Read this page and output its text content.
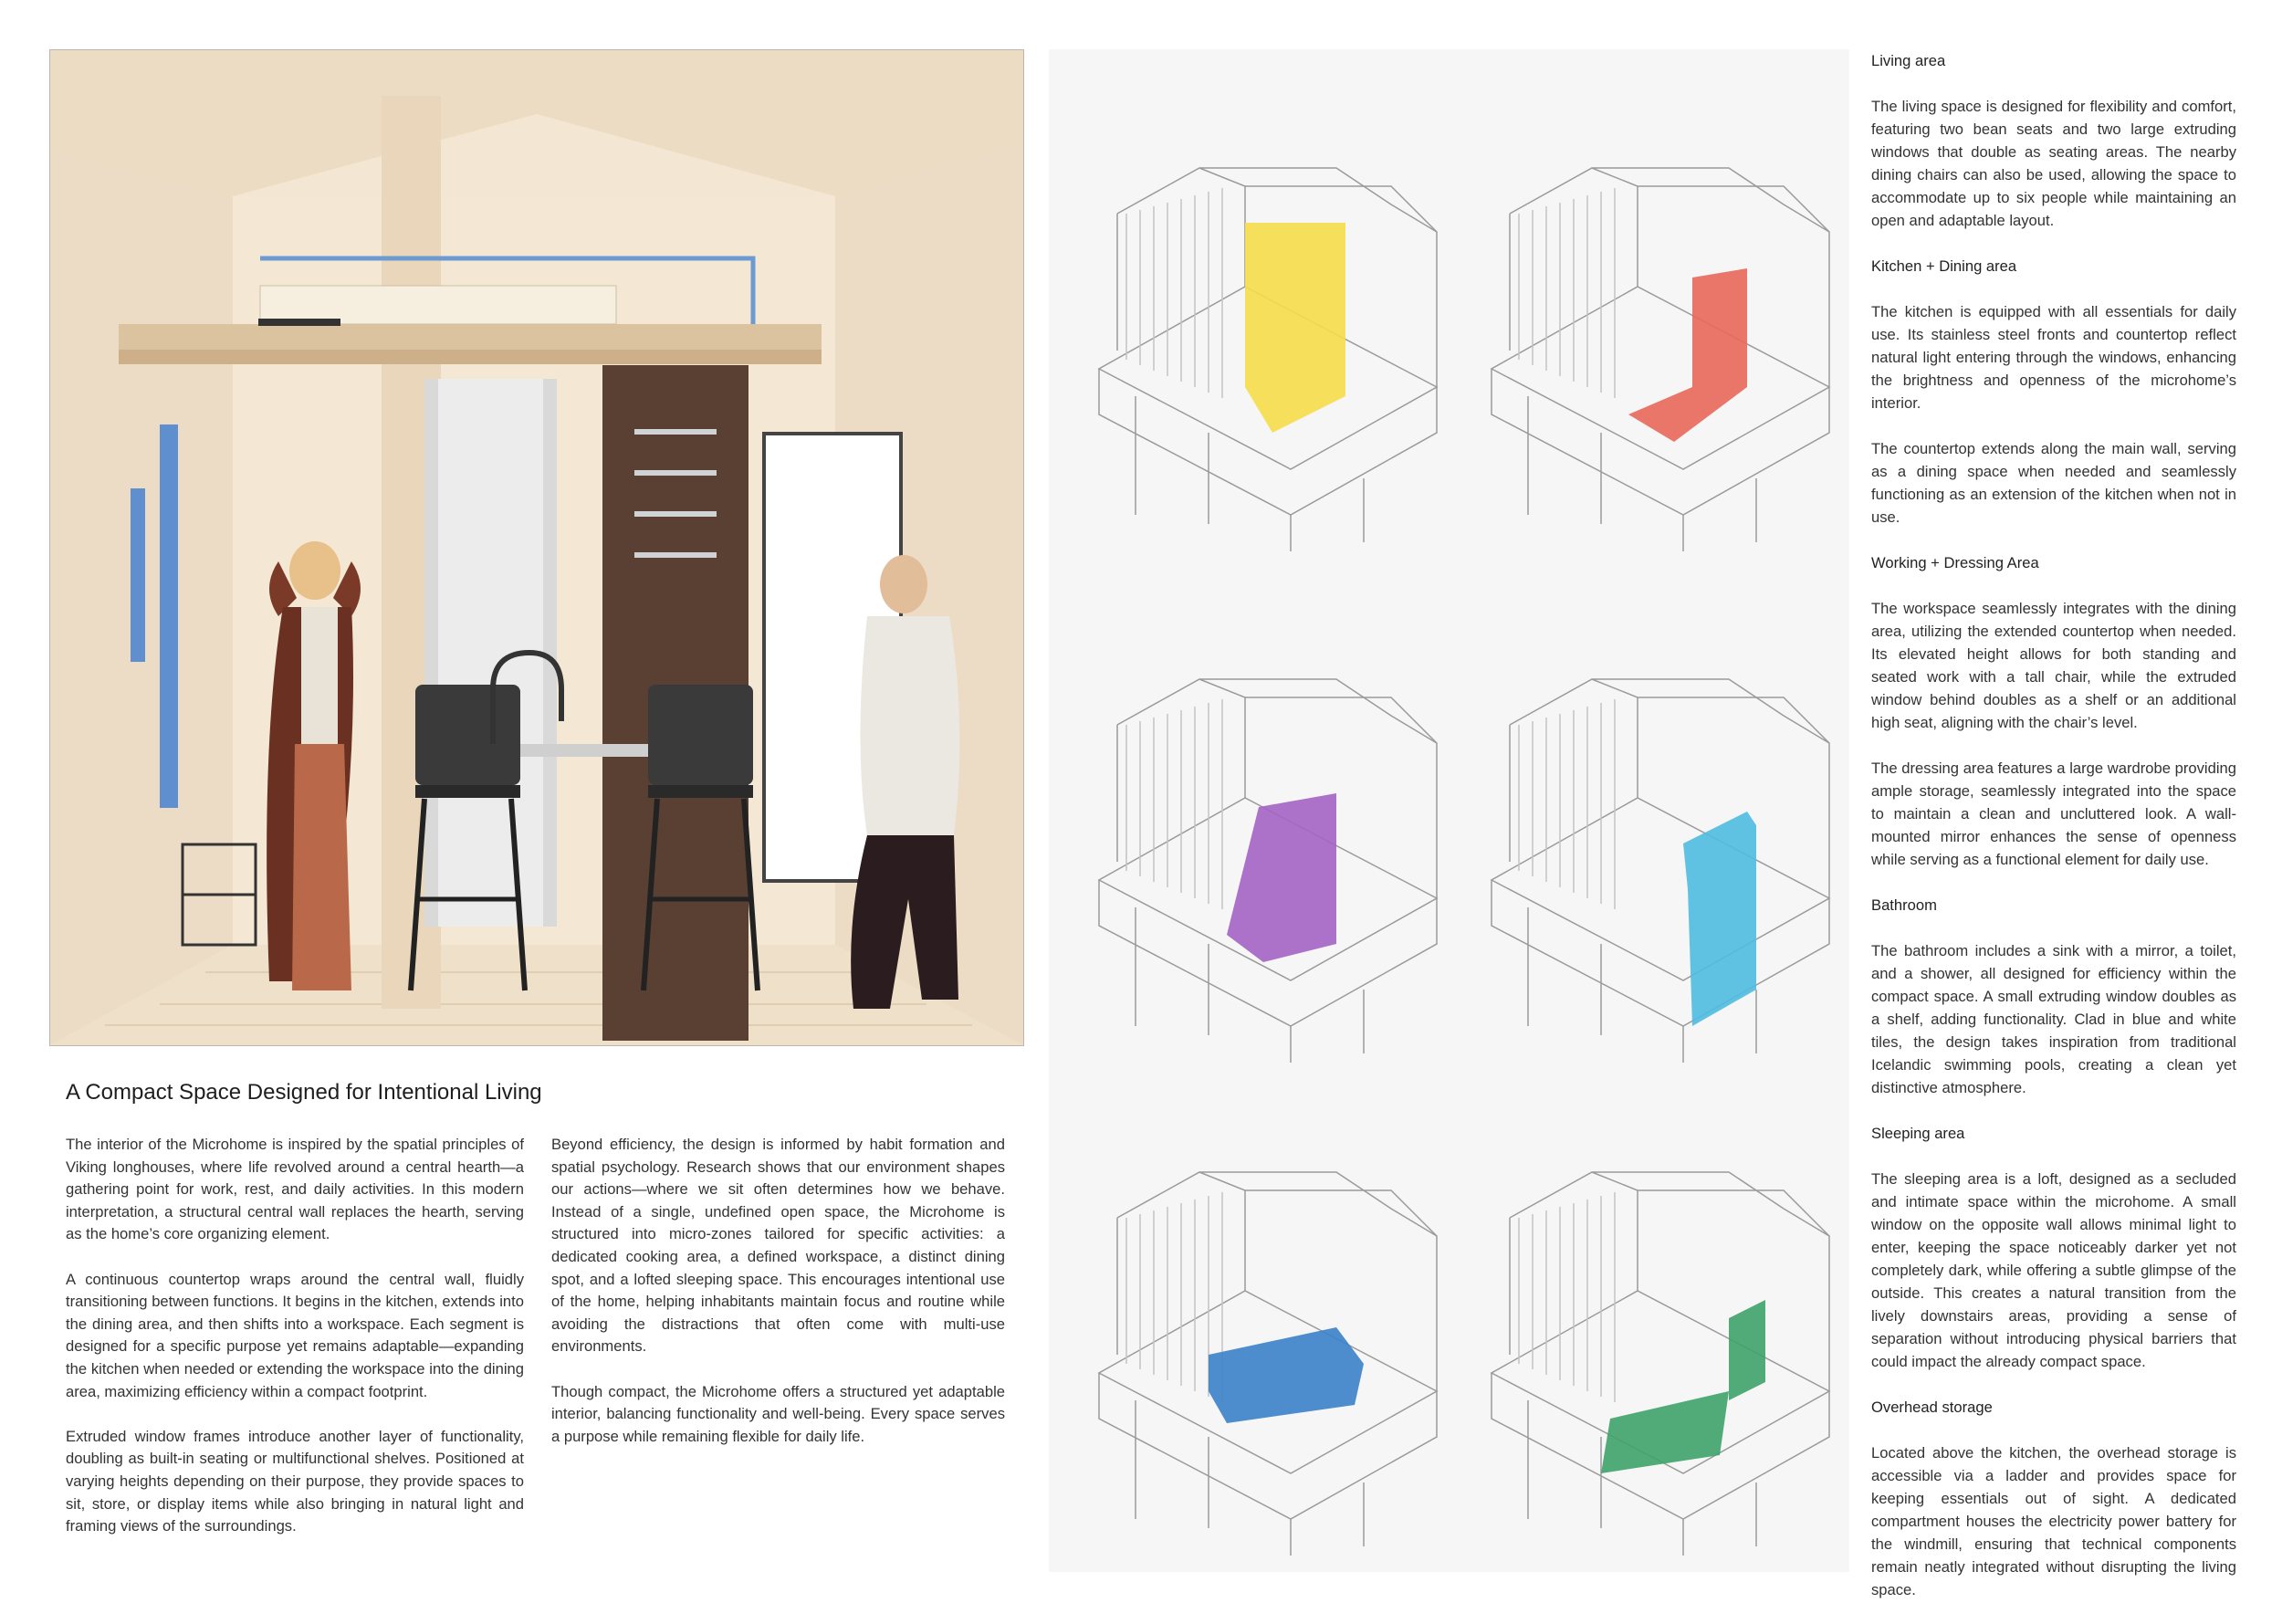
A Compact Space Designed for Intentional Living

The interior of the Microhome is inspired by the spatial principles of Viking longhouses, where life revolved around a central hearth—a gathering point for work, rest, and daily activities. In this modern interpretation, a structural central wall replaces the hearth, serving as the home’s core organizing element.

A continuous countertop wraps around the central wall, fluidly transitioning between functions. It begins in the kitchen, extends into the dining area, and then shifts into a workspace. Each segment is designed for a specific purpose yet remains adaptable—expanding the kitchen when needed or extending the workspace into the dining area, maximizing efficiency within a compact footprint.

Extruded window frames introduce another layer of functionality, doubling as built-in seating or multifunctional shelves. Positioned at varying heights depending on their purpose, they provide spaces to sit, store, or display items while also bringing in natural light and framing views of the surroundings.

Beyond efficiency, the design is informed by habit formation and spatial psychology. Research shows that our environment shapes our actions—where we sit often determines how we behave. Instead of a single, undefined open space, the Microhome is structured into micro-zones tailored for specific activities: a dedicated cooking area, a defined workspace, a distinct dining spot, and a lofted sleeping space. This encourages intentional use of the home, helping inhabitants maintain focus and routine while avoiding the distractions that often come with multi-use environments.

Though compact, the Microhome offers a structured yet adaptable interior, balancing functionality and well-being. Every space serves a purpose while remaining flexible for daily life.

Living area

The living space is designed for flexibility and comfort, featuring two bean seats and two large extruding windows that double as seating areas. The nearby dining chairs can also be used, allowing the space to accommodate up to six people while maintaining an open and adaptable layout.

Kitchen + Dining area

The kitchen is equipped with all essentials for daily use. Its stainless steel fronts and countertop reflect natural light entering through the windows, enhancing the brightness and openness of the microhome’s interior.

The countertop extends along the main wall, serving as a dining space when needed and seamlessly functioning as an extension of the kitchen when not in use.

Working + Dressing Area

The workspace seamlessly integrates with the dining area, utilizing the extended countertop when needed. Its elevated height allows for both standing and seated work with a tall chair, while the extruded window behind doubles as a shelf or an additional high seat, aligning with the chair’s level.

The dressing area features a large wardrobe providing ample storage, seamlessly integrated into the space to maintain a clean and uncluttered look. A wall-mounted mirror enhances the sense of openness while serving as a functional element for daily use.

Bathroom

The bathroom includes a sink with a mirror, a toilet, and a shower, all designed for efficiency within the compact space. A small extruding window doubles as a shelf, adding functionality. Clad in blue and white tiles, the design takes inspiration from traditional Icelandic swimming pools, creating a clean yet distinctive atmosphere.

Sleeping area

The sleeping area is a loft, designed as a secluded and intimate space within the microhome. A small window on the opposite wall allows minimal light to enter, keeping the space noticeably darker yet not completely dark, while offering a subtle glimpse of the outside. This creates a natural transition from the lively downstairs areas, providing a sense of separation without introducing physical barriers that could impact the already compact space.

Overhead storage

Located above the kitchen, the overhead storage is accessible via a ladder and provides space for keeping essentials out of sight. A dedicated compartment houses the electricity power battery for the windmill, ensuring that technical components remain neatly integrated without disrupting the living space.
